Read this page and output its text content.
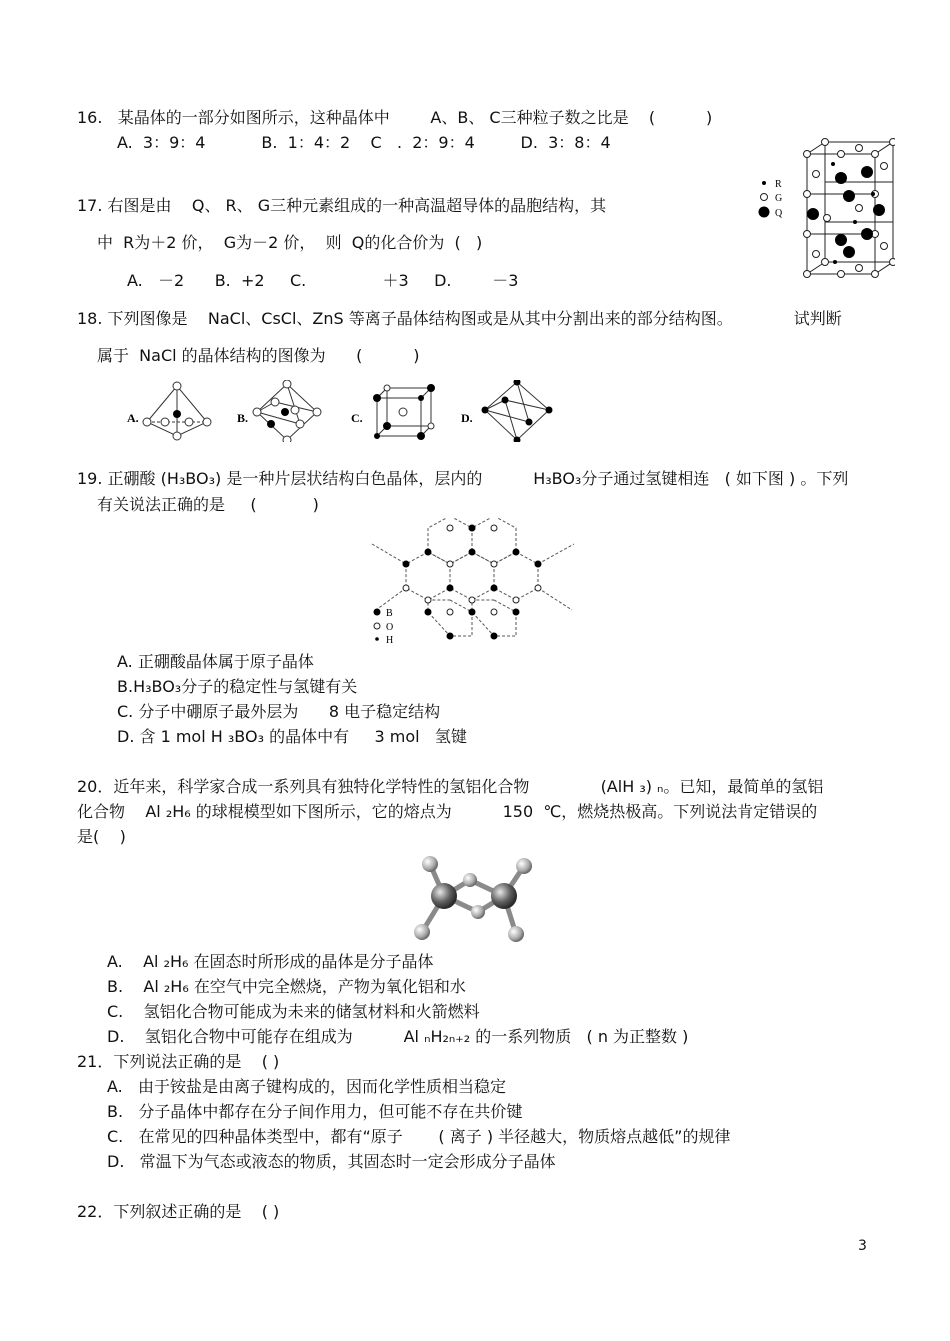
16.   某晶体的一部分如图所示，这种晶体中        A、B、 C三种粒子数之比是    (          )
A.  3：9：4           B.  1：4：2    C   .  2：9：4         D.  3：8：4
R
G
Q
17. 右图是由    Q、 R、 G三种元素组成的一种高温超导体的晶胞结构，其
中  R为＋2 价，  G为－2 价，  则  Q的化合价为  (   )
A.   －2      B.  +2     C.               ＋3     D.        －3
18. 下列图像是    NaCl、CsCl、ZnS 等离子晶体结构图或是从其中分割出来的部分结构图。            试判断
属于  NaCl 的晶体结构的图像为      (          )
A.	B.	C.	D.
19. 正硼酸 (H₃BO₃) 是一种片层状结构白色晶体，层内的          H₃BO₃分子通过氢键相连   ( 如下图 ) 。下列
有关说法正确的是     (           )
B
O
H
A. 正硼酸晶体属于原子晶体
B.H₃BO₃分子的稳定性与氢键有关
C. 分子中硼原子最外层为      8 电子稳定结构
D. 含 1 mol H ₃BO₃ 的晶体中有     3 mol   氢键
20．近年来，科学家合成一系列具有独特化学特性的氢铝化合物              (AlH ₃) ₙ。已知，最简单的氢铝
化合物    Al ₂H₆ 的球棍模型如下图所示，它的熔点为          150  ℃，燃烧热极高。下列说法肯定错误的
是(    )
A.    Al ₂H₆ 在固态时所形成的晶体是分子晶体
B.    Al ₂H₆ 在空气中完全燃烧，产物为氧化铝和水
C.    氢铝化合物可能成为未来的储氢材料和火箭燃料
D.    氢铝化合物中可能存在组成为          Al ₙH₂ₙ₊₂ 的一系列物质   ( n 为正整数 )
21．下列说法正确的是    ( )
A.   由于铵盐是由离子键构成的，因而化学性质相当稳定
B.   分子晶体中都存在分子间作用力，但可能不存在共价键
C.   在常见的四种晶体类型中，都有“原子       ( 离子 ) 半径越大，物质熔点越低”的规律
D.   常温下为气态或液态的物质，其固态时一定会形成分子晶体
22．下列叙述正确的是    ( )
3
